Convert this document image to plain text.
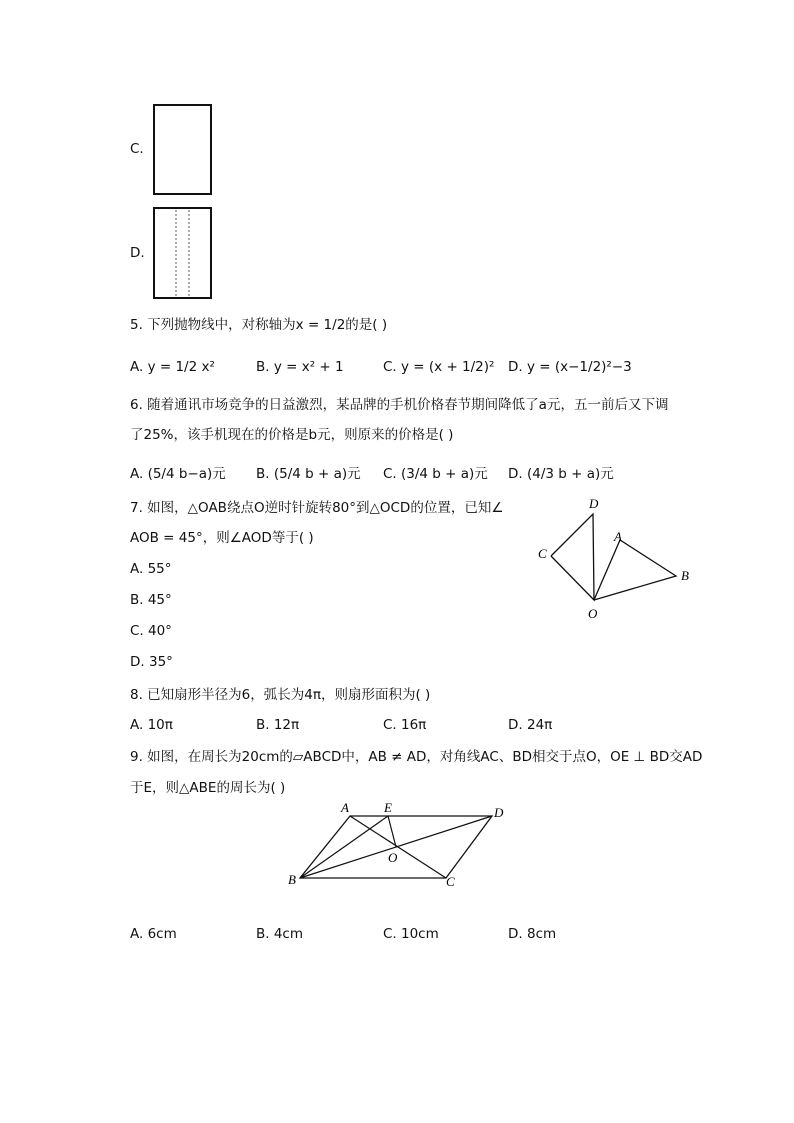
C.
D.
5. 下列抛物线中，对称轴为x = 1/2的是( )
A. y = 1/2 x²	B. y = x² + 1	C. y = (x + 1/2)² D. y = (x−1/2)²−3
6. 随着通讯市场竞争的日益激烈，某品牌的手机价格春节期间降低了a元，五一前后又下调
了25%，该手机现在的价格是b元，则原来的价格是( )
A. (5/4 b−a)元 B. (5/4 b + a)元 C. (3/4 b + a)元 D. (4/3 b + a)元
7. 如图，△OAB绕点O逆时针旋转80°到△OCD的位置，已知∠
AOB = 45°，则∠AOD等于( )
A. 55°
B. 45°
C. 40°
D. 35°
D
A
C
B
O
8. 已知扇形半径为6，弧长为4π，则扇形面积为( )
A. 10π	B. 12π	C. 16π	D. 24π
9. 如图，在周长为20cm的▱ABCD中，AB ≠ AD，对角线AC、BD相交于点O，OE ⊥ BD交AD
于E，则△ABE的周长为( )
A	E	D
O
B	C
A. 6cm	B. 4cm	C. 10cm	D. 8cm
